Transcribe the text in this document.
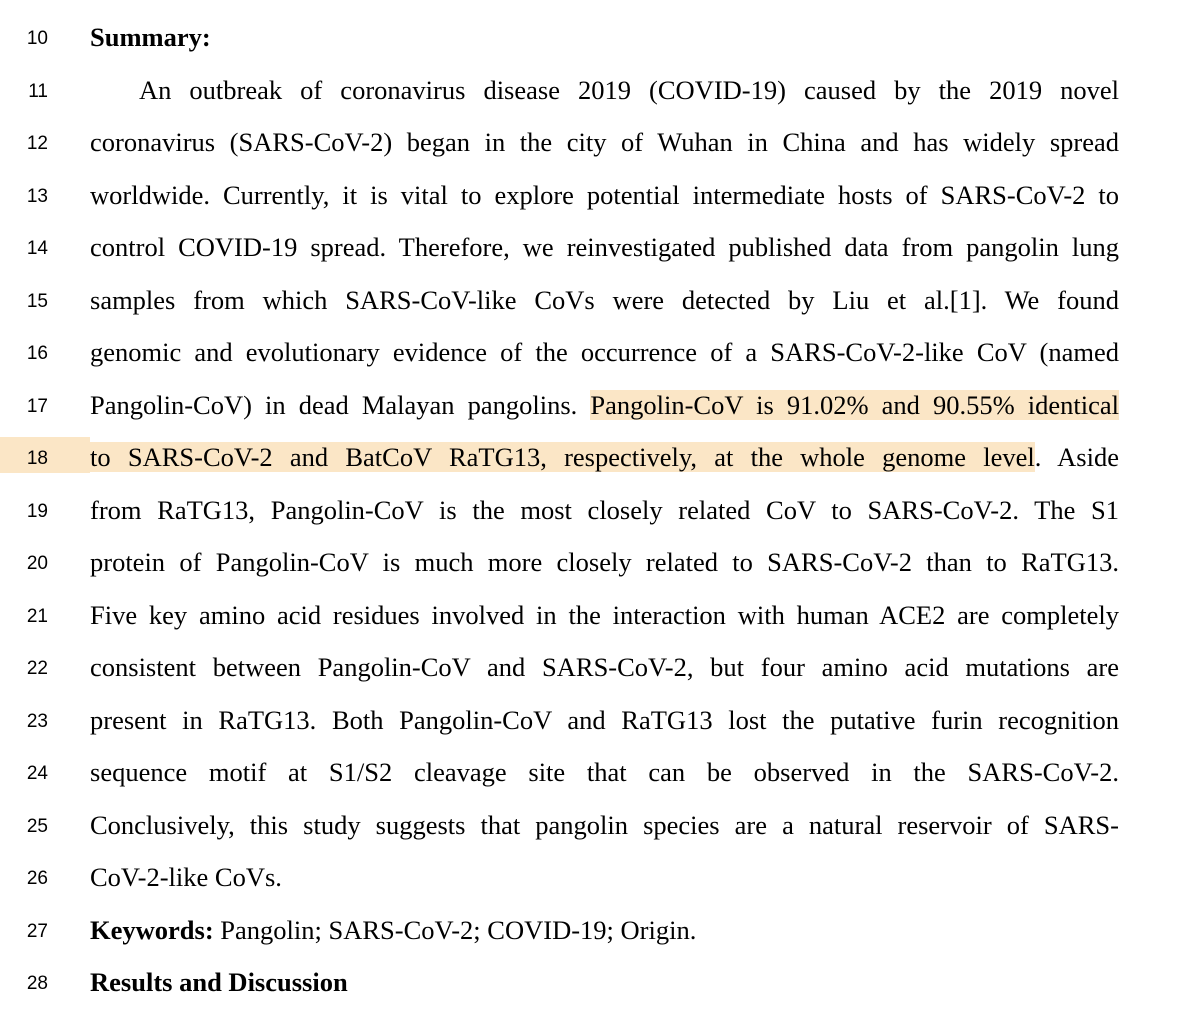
10 Summary:
11	An outbreak of coronavirus disease 2019 (COVID-19) caused by the 2019 novel
12 coronavirus (SARS-CoV-2) began in the city of Wuhan in China and has widely spread
13 worldwide. Currently, it is vital to explore potential intermediate hosts of SARS-CoV-2 to
14 control COVID-19 spread. Therefore, we reinvestigated published data from pangolin lung
15 samples from which SARS-CoV-like CoVs were detected by Liu et al.[1]. We found
16 genomic and evolutionary evidence of the occurrence of a SARS-CoV-2-like CoV (named
17 Pangolin-CoV) in dead Malayan pangolins. Pangolin-CoV is 91.02% and 90.55% identical
18 to SARS-CoV-2 and BatCoV RaTG13, respectively, at the whole genome level. Aside
19 from RaTG13, Pangolin-CoV is the most closely related CoV to SARS-CoV-2. The S1
20 protein of Pangolin-CoV is much more closely related to SARS-CoV-2 than to RaTG13.
21 Five key amino acid residues involved in the interaction with human ACE2 are completely
22 consistent between Pangolin-CoV and SARS-CoV-2, but four amino acid mutations are
23 present in RaTG13. Both Pangolin-CoV and RaTG13 lost the putative furin recognition
24 sequence motif at S1/S2 cleavage site that can be observed in the SARS-CoV-2.
25 Conclusively, this study suggests that pangolin species are a natural reservoir of SARS-
26 CoV-2-like CoVs.
27 Keywords: Pangolin; SARS-CoV-2; COVID-19; Origin.
28 Results and Discussion
